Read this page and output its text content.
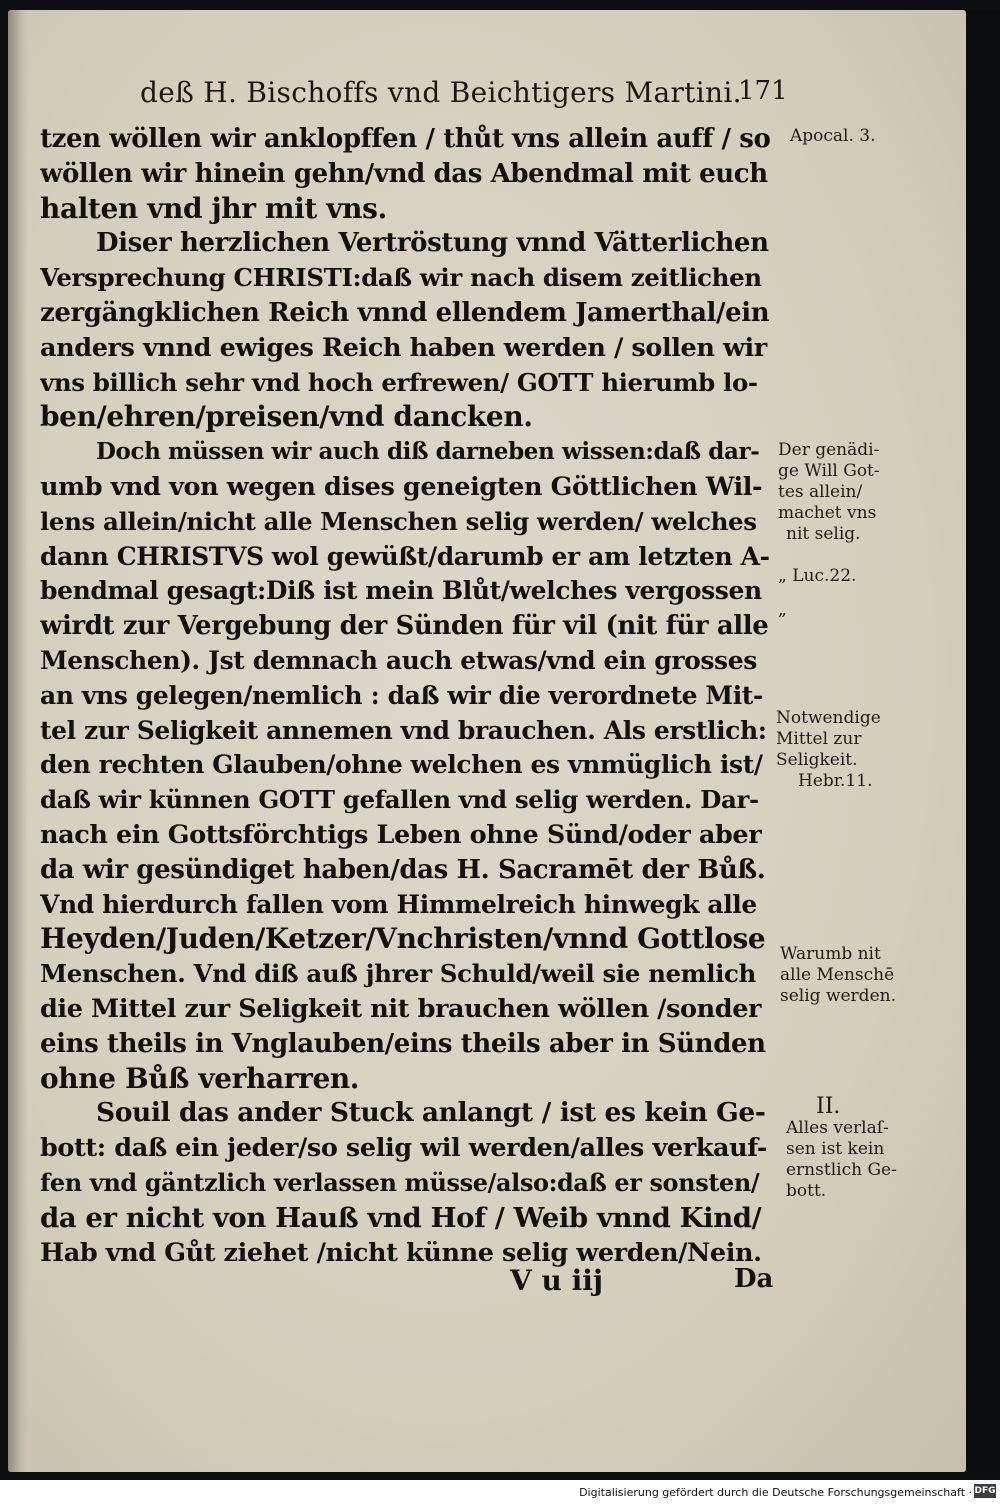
deß H. Bischoffs vnd Beichtigers Martini.
171
tzen wöllen wir anklopffen / thůt vns allein auff / so
wöllen wir hinein gehn/vnd das Abendmal mit euch
halten vnd jhr mit vns.
Diser herzlichen Vertröstung vnnd Vätterlichen
Versprechung CHRISTI:daß wir nach disem zeitlichen
zergängklichen Reich vnnd ellendem Jamerthal/ein
anders vnnd ewiges Reich haben werden / sollen wir
vns billich sehr vnd hoch erfrewen/ GOTT hierumb lo-
ben/ehren/preisen/vnd dancken.
Doch müssen wir auch diß darneben wissen:daß dar-
umb vnd von wegen dises geneigten Göttlichen Wil-
lens allein/nicht alle Menschen selig werden/ welches
dann CHRISTVS wol gewüßt/darumb er am letzten A-
bendmal gesagt:Diß ist mein Blůt/welches vergossen
wirdt zur Vergebung der Sünden für vil (nit für alle
Menschen). Jst demnach auch etwas/vnd ein grosses
an vns gelegen/nemlich : daß wir die verordnete Mit-
tel zur Seligkeit annemen vnd brauchen. Als erstlich:
den rechten Glauben/ohne welchen es vnmüglich ist/
daß wir künnen GOTT gefallen vnd selig werden. Dar-
nach ein Gottsförchtigs Leben ohne Sünd/oder aber
da wir gesündiget haben/das H. Sacramēt der Bůß.
Vnd hierdurch fallen vom Himmelreich hinwegk alle
Heyden/Juden/Ketzer/Vnchristen/vnnd Gottlose
Menschen. Vnd diß auß jhrer Schuld/weil sie nemlich
die Mittel zur Seligkeit nit brauchen wöllen /sonder
eins theils in Vnglauben/eins theils aber in Sünden
ohne Bůß verharren.
Souil das ander Stuck anlangt / ist es kein Ge-
bott: daß ein jeder/so selig wil werden/alles verkauf-
fen vnd gäntzlich verlassen müsse/also:daß er sonsten/
da er nicht von Hauß vnd Hof / Weib vnnd Kind/
Hab vnd Gůt ziehet /nicht künne selig werden/Nein.
Apocal. 3.
Der genädi-
ge Will Got-
tes allein/
machet vns
nit selig.
„ Luc.22.
„
Notwendige
Mittel zur
Seligkeit.
Hebr.11.
Warumb nit
alle Menschē
selig werden.
II.
Alles verlaſ-
sen ist kein
ernstlich Ge-
bott.
V u iij	Da
Digitalisierung gefördert durch die Deutsche Forschungsgemeinschaft · DFG
